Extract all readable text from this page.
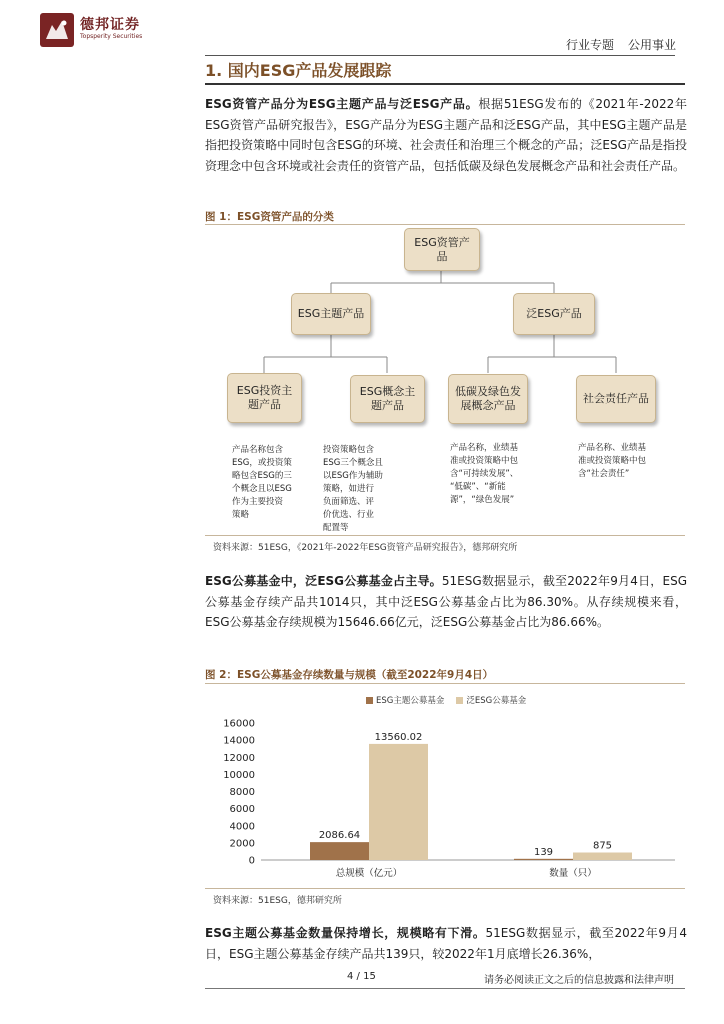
德邦证券
Topsperity Securities
行业专题 公用事业
1. 国内ESG产品发展跟踪
ESG资管产品分为ESG主题产品与泛ESG产品。根据51ESG发布的《2021年-2022年ESG资管产品研究报告》，ESG产品分为ESG主题产品和泛ESG产品，其中ESG主题产品是指把投资策略中同时包含ESG的环境、社会责任和治理三个概念的产品；泛ESG产品是指投资理念中包含环境或社会责任的资管产品，包括低碳及绿色发展概念产品和社会责任产品。
图 1：ESG资管产品的分类
ESG资管产品
ESG主题产品	泛ESG产品
ESG投资主题产品
ESG概念主题产品
低碳及绿色发展概念产品
社会责任产品
产品名称包含
ESG，或投资策
略包含ESG的三
个概念且以ESG
作为主要投资
策略
投资策略包含
ESG三个概念且
以ESG作为辅助
策略，如进行
负面筛选、评
价优选、行业
配置等
产品名称，业绩基
准或投资策略中包
含“可持续发展”、
“低碳”、“新能
源”，“绿色发展”
产品名称、业绩基
准或投资策略中包
含“社会责任”
资料来源：51ESG，《2021年-2022年ESG资管产品研究报告》，德邦研究所
ESG公募基金中，泛ESG公募基金占主导。51ESG数据显示，截至2022年9月4日，ESG公募基金存续产品共1014只，其中泛ESG公募基金占比为86.30%。从存续规模来看，ESG公募基金存续规模为15646.66亿元，泛ESG公募基金占比为86.66%。
图 2：ESG公募基金存续数量与规模（截至2022年9月4日）
ESG主题公募基金	泛ESG公募基金
0
2000
4000
6000
8000
10000
12000
14000
16000
2086.64
13560.02
总规模（亿元）
139
875
数量（只）
资料来源：51ESG，德邦研究所
ESG主题公募基金数量保持增长，规模略有下滑。51ESG数据显示，截至2022年9月4日，ESG主题公募基金存续产品共139只，较2022年1月底增长26.36%，
4 / 15	请务必阅读正文之后的信息披露和法律声明
